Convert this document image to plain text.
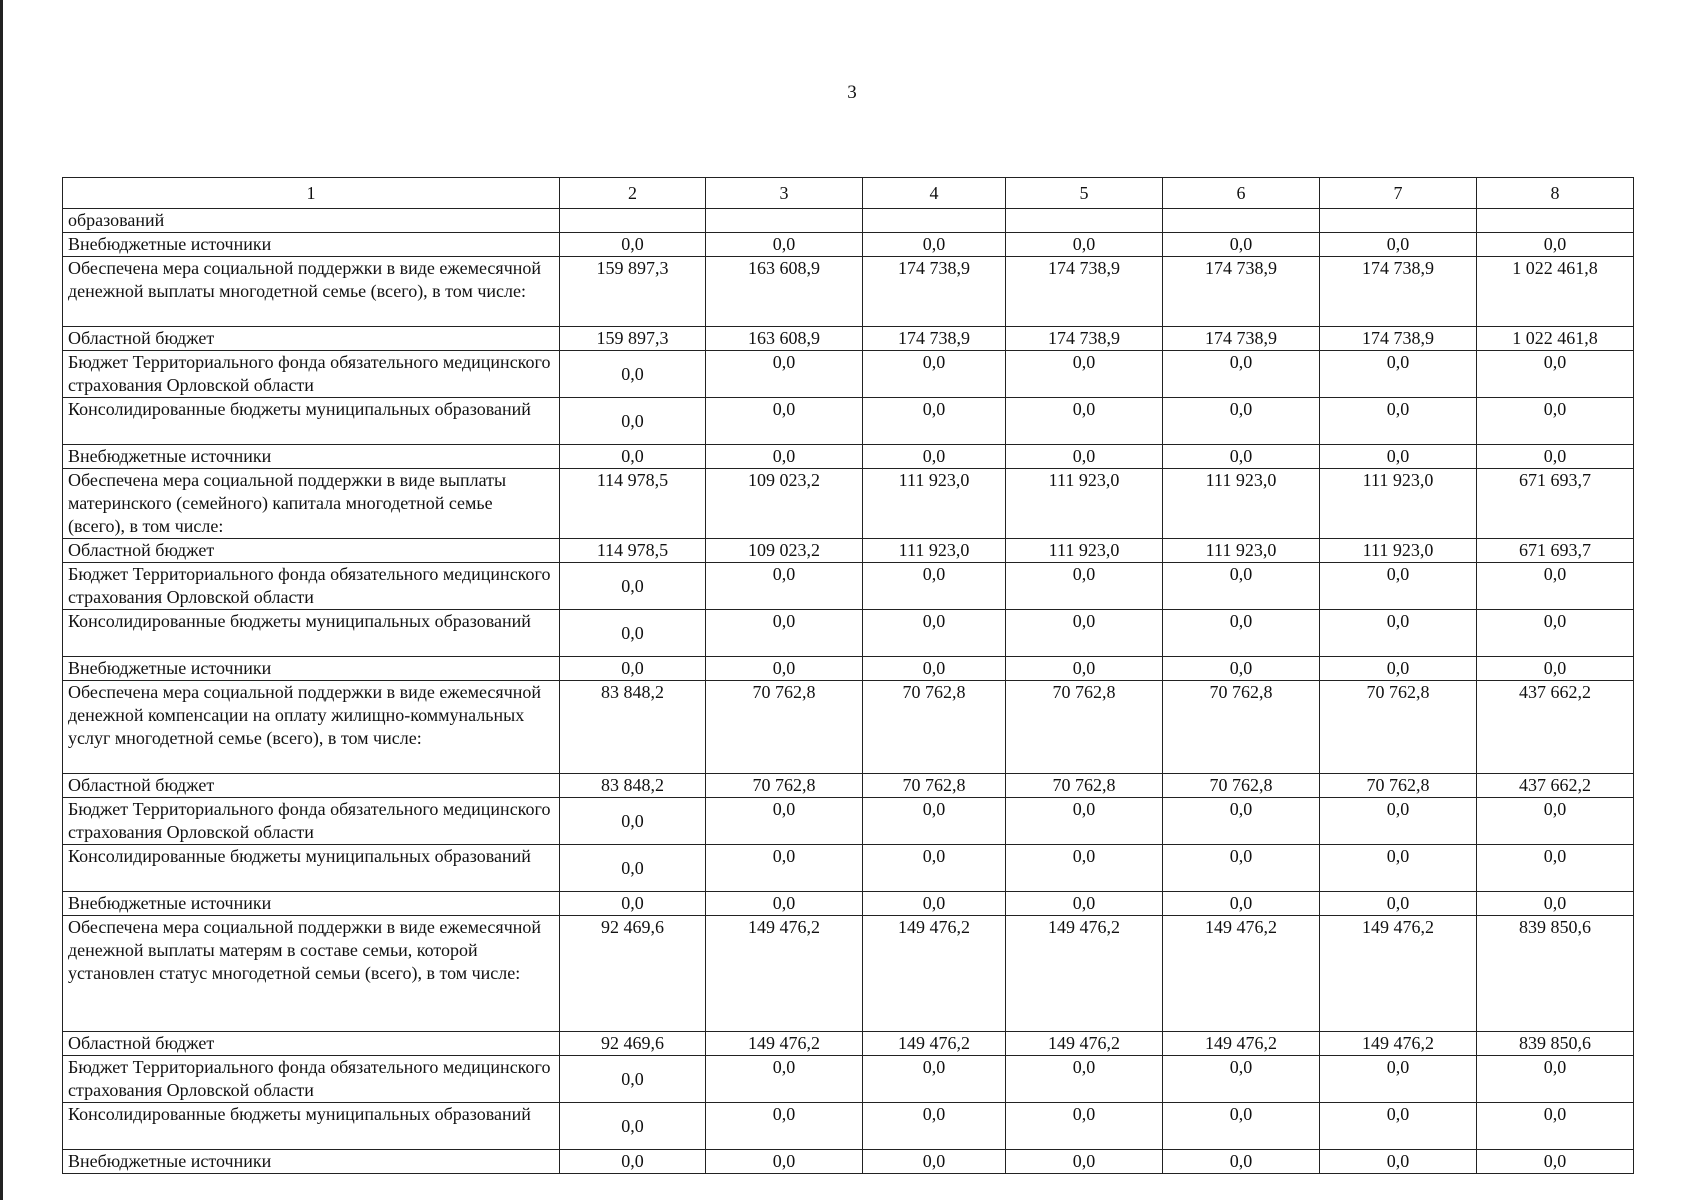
3
1	2	3	4	5	6	7	8
образований							
Внебюджетные источники	0,0	0,0	0,0	0,0	0,0	0,0	0,0
Обеспечена мера социальной поддержки в виде ежемесячной денежной выплаты многодетной семье (всего), в том числе:	159 897,3	163 608,9	174 738,9	174 738,9	174 738,9	174 738,9	1 022 461,8
Областной бюджет	159 897,3	163 608,9	174 738,9	174 738,9	174 738,9	174 738,9	1 022 461,8
Бюджет Территориального фонда обязательного медицинского страхования Орловской области	0,0	0,0	0,0	0,0	0,0	0,0	0,0
Консолидированные бюджеты муниципальных образований	0,0	0,0	0,0	0,0	0,0	0,0	0,0
Внебюджетные источники	0,0	0,0	0,0	0,0	0,0	0,0	0,0
Обеспечена мера социальной поддержки в виде выплаты материнского (семейного) капитала многодетной семье (всего), в том числе:	114 978,5	109 023,2	111 923,0	111 923,0	111 923,0	111 923,0	671 693,7
Областной бюджет	114 978,5	109 023,2	111 923,0	111 923,0	111 923,0	111 923,0	671 693,7
Бюджет Территориального фонда обязательного медицинского страхования Орловской области	0,0	0,0	0,0	0,0	0,0	0,0	0,0
Консолидированные бюджеты муниципальных образований	0,0	0,0	0,0	0,0	0,0	0,0	0,0
Внебюджетные источники	0,0	0,0	0,0	0,0	0,0	0,0	0,0
Обеспечена мера социальной поддержки в виде ежемесячной денежной компенсации на оплату жилищно-коммунальных услуг многодетной семье (всего), в том числе:	83 848,2	70 762,8	70 762,8	70 762,8	70 762,8	70 762,8	437 662,2
Областной бюджет	83 848,2	70 762,8	70 762,8	70 762,8	70 762,8	70 762,8	437 662,2
Бюджет Территориального фонда обязательного медицинского страхования Орловской области	0,0	0,0	0,0	0,0	0,0	0,0	0,0
Консолидированные бюджеты муниципальных образований	0,0	0,0	0,0	0,0	0,0	0,0	0,0
Внебюджетные источники	0,0	0,0	0,0	0,0	0,0	0,0	0,0
Обеспечена мера социальной поддержки в виде ежемесячной денежной выплаты матерям в составе семьи, которой установлен статус многодетной семьи (всего), в том числе:	92 469,6	149 476,2	149 476,2	149 476,2	149 476,2	149 476,2	839 850,6
Областной бюджет	92 469,6	149 476,2	149 476,2	149 476,2	149 476,2	149 476,2	839 850,6
Бюджет Территориального фонда обязательного медицинского страхования Орловской области	0,0	0,0	0,0	0,0	0,0	0,0	0,0
Консолидированные бюджеты муниципальных образований	0,0	0,0	0,0	0,0	0,0	0,0	0,0
Внебюджетные источники	0,0	0,0	0,0	0,0	0,0	0,0	0,0
